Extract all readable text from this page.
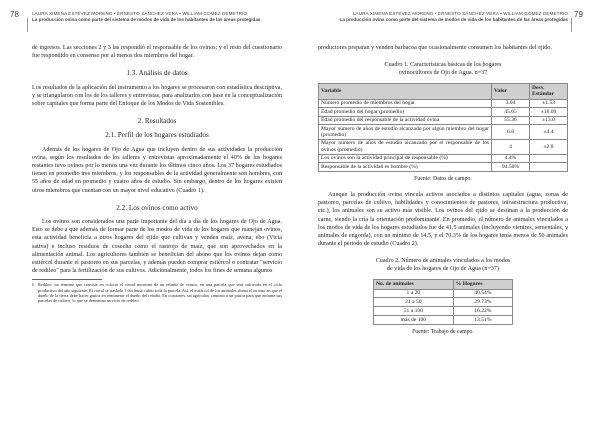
78	LAURA XIMENA ESTÉVEZ MORENO • ERNESTO SÁNCHEZ VERA • WILLIAM GÓMEZ DEMETRIO
La producción ovina como parte del sistema de modos de vida de los habitantes de las áreas protegidas

de ingresos. Las secciones 2 y 3 las respondió el responsable de los ovinos; y el resto del cuestionario fue respondido en consenso por al menos dos miembros del hogar.

1.3. Análisis de datos

Los resultados de la aplicación del instrumento a los hogares se procesaron con estadística descriptiva, y se triangularon con los de los talleres y entrevistas, para analizarlos con base en la conceptualización sobre capitales que forma parte del Enfoque de los Modos de Vida Sostenibles.

2. Resultados
2.1. Perfil de los hogares estudiados

Además de los hogares de Ojo de Agua que incluyen dentro de sus actividades la producción ovina, según los resultados de los talleres y entrevistas aproximadamente el 40% de los hogares restantes tuvo ovinos por lo menos una vez durante los últimos cinco años. Los 37 hogares estudiados tienen en promedio tres miembros, y los responsables de la actividad generalmente son hombres, con 55 años de edad en promedio y cuatro años de estudio. Sin embargo, dentro de los hogares existen otros miembros que cuentan con un mayor nivel educativo (Cuadro 1).

2.2. Los ovinos como activo

Los ovinos son considerados una parte importante del día a día de los hogares de Ojo de Agua. Esto se debe a que además de formar parte de los modos de vida de los hogares que manejan ovinos, esta actividad beneficia a otros hogares del ejido que cultivan y venden maíz, avena, ebo (Vicia sativa) e incluso residuos de cosecha como el rastrojo de maíz, que son aprovechados en la alimentación animal. Los agricultores también se benefician del abono que los ovinos dejan como estiércol durante el pastoreo en sus parcelas, y además pueden comprar estiércol o contratar "servicio de redileo" para la fertilización de sus cultivos. Adicionalmente, todos los fines de semana algunos

6 Redileo: un término que consiste en colocar el corral nocturno de un rebaño de ovinos, en una parcela que será cultivada en el ciclo productivo del año siguiente. El corral se traslada 1 día hasta cubrir toda la parcela. Así, el estiércol de los animales abona el terreno en que el dueño de la tierra debe hacer gastos en remunerar el dueño del rebaño. En ocasiones, un agricultor contrata a un pastor para que enfume sus parcelas de cultivo, lo que se denomina servicio de redileo.
79
LAURA XIMENA ESTÉVEZ MORENO • ERNESTO SÁNCHEZ VERA • WILLIAM GÓMEZ DEMETRIO
La producción ovina como parte del sistema de modos de vida de los habitantes de las áreas protegidas

productores preparan y venden barbacoa que ocasionalmente consumen los habitantes del ejido.

Cuadro 1. Características básicas de los hogares
ovinocultores de Ojo de Agua. n=37
Variable	Valor	Desv. Estándar
Número promedio de miembros del hogar	3.04	±1.53
Edad promedio del hogar (promedio)	45.65	±18.09
Edad promedio del responsable de la actividad ovina	55.36	±13.0
Mayor número de años de estudio alcanzado por algún miembro del hogar (promedio)	6.8	±4.4
Mayor número de años de estudio alcanzado por el responsable de los ovinos (promedio)	4	±2.8
Los ovinos son la actividad principal de responsable (%)	4.4%	
Responsable de la actividad es hombre (%)	94.50%	
Fuente: Datos de campo.

Aunque la producción ovina vincula activos asociados a distintos capitales (agua, zonas de pastoreo, parcelas de cultivo, habilidades y conocimientos de pastores, infraestructura productiva, etc.), los animales son su activo más visible. Los ovinos del ejido se destinan a la producción de carne, siendo la cría la orientación predominante. En promedio, el número de animales vinculados a los modos de vida de los hogares estudiados fue de 41.5 animales (incluyendo vientres, sementales, y animales de engorda), con un mínimo de 14.5, y el 70.3% de los hogares tenía menos de 50 animales durante el periodo de estudio (Cuadro 2).

Cuadro 2. Número de animales vinculados a los modos
de vida de los hogares de Ojo de Agua (n=37)
No. de animales	% Hogares
1 a 20	40.54%
21 a 50	29.73%
51 a 100	16.22%
más de 100	13.51%
Fuente: Trabajo de campo.
